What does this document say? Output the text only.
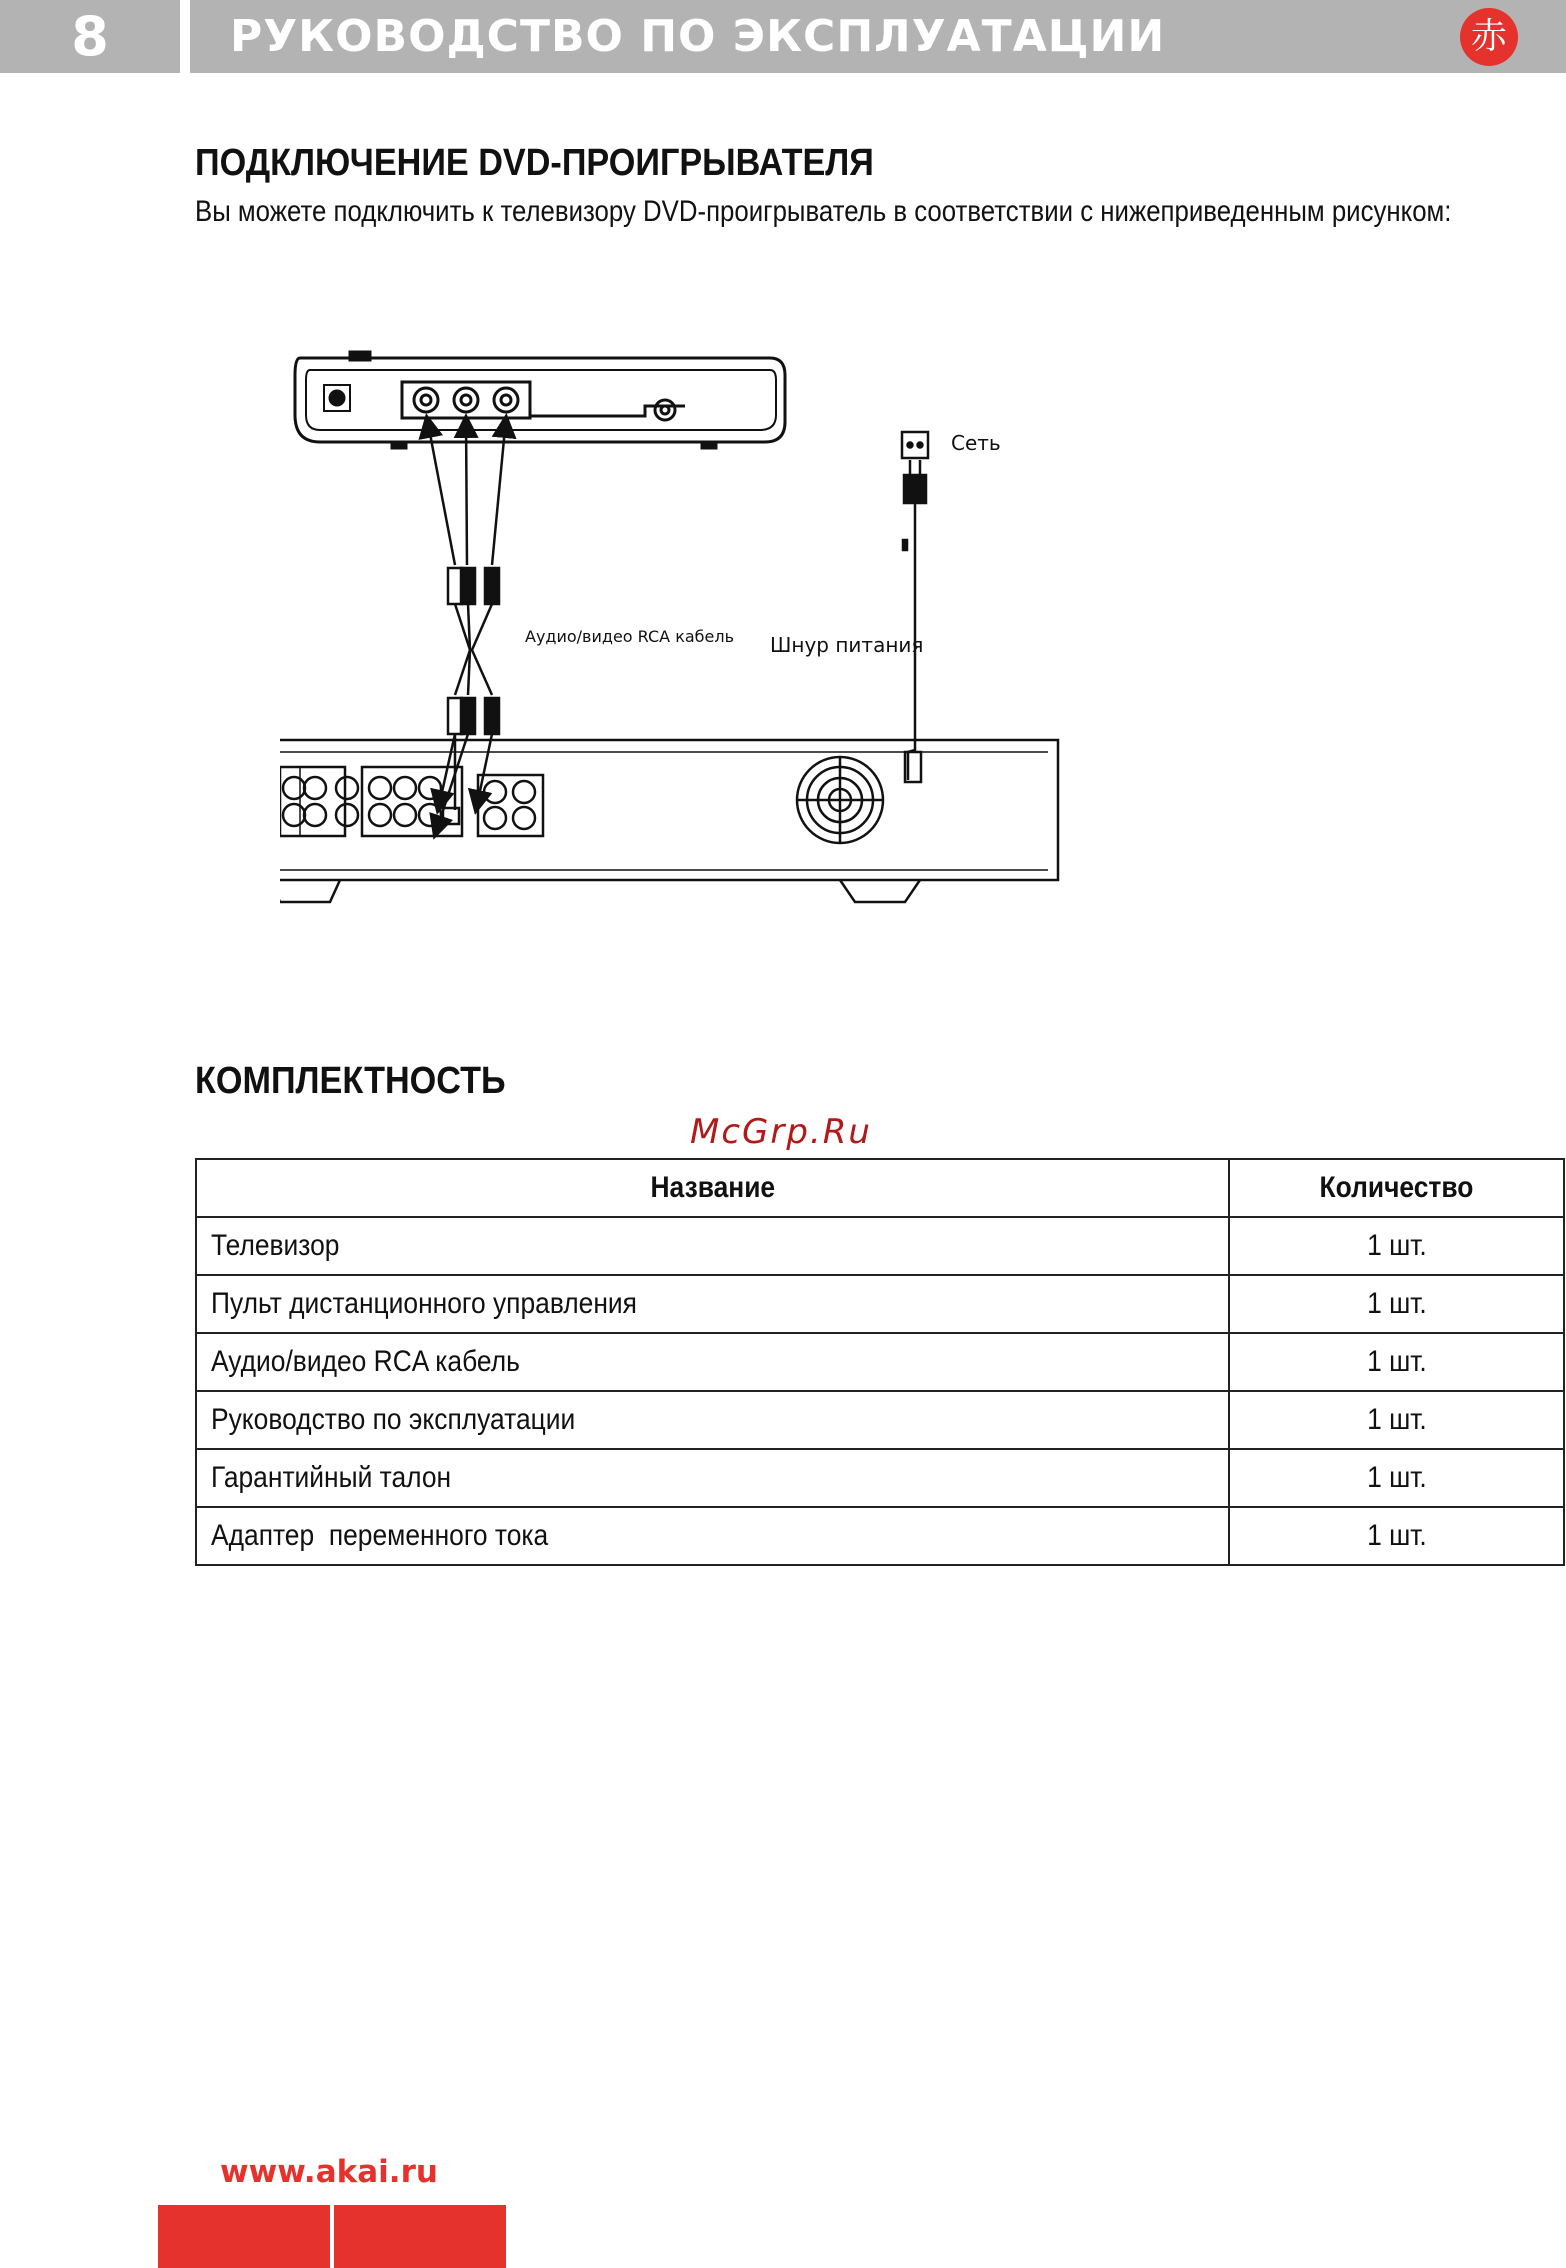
8	РУКОВОДСТВО ПО ЭКСПЛУАТАЦИИ	赤
ПОДКЛЮЧЕНИЕ DVD-ПРОИГРЫВАТЕЛЯ
Вы можете подключить к телевизору DVD-проигрыватель в соответствии с нижеприведенным рисунком:
Аудио/видео RCA кабель
Сеть
Шнур питания
КОМПЛЕКТНОСТЬ
McGrp.Ru
Название	Количество
Телевизор	1 шт.
Пульт дистанционного управления	1 шт.
Аудио/видео RCA кабель	1 шт.
Руководство по эксплуатации	1 шт.
Гарантийный талон	1 шт.
Адаптер  переменного тока	1 шт.
www.akai.ru
